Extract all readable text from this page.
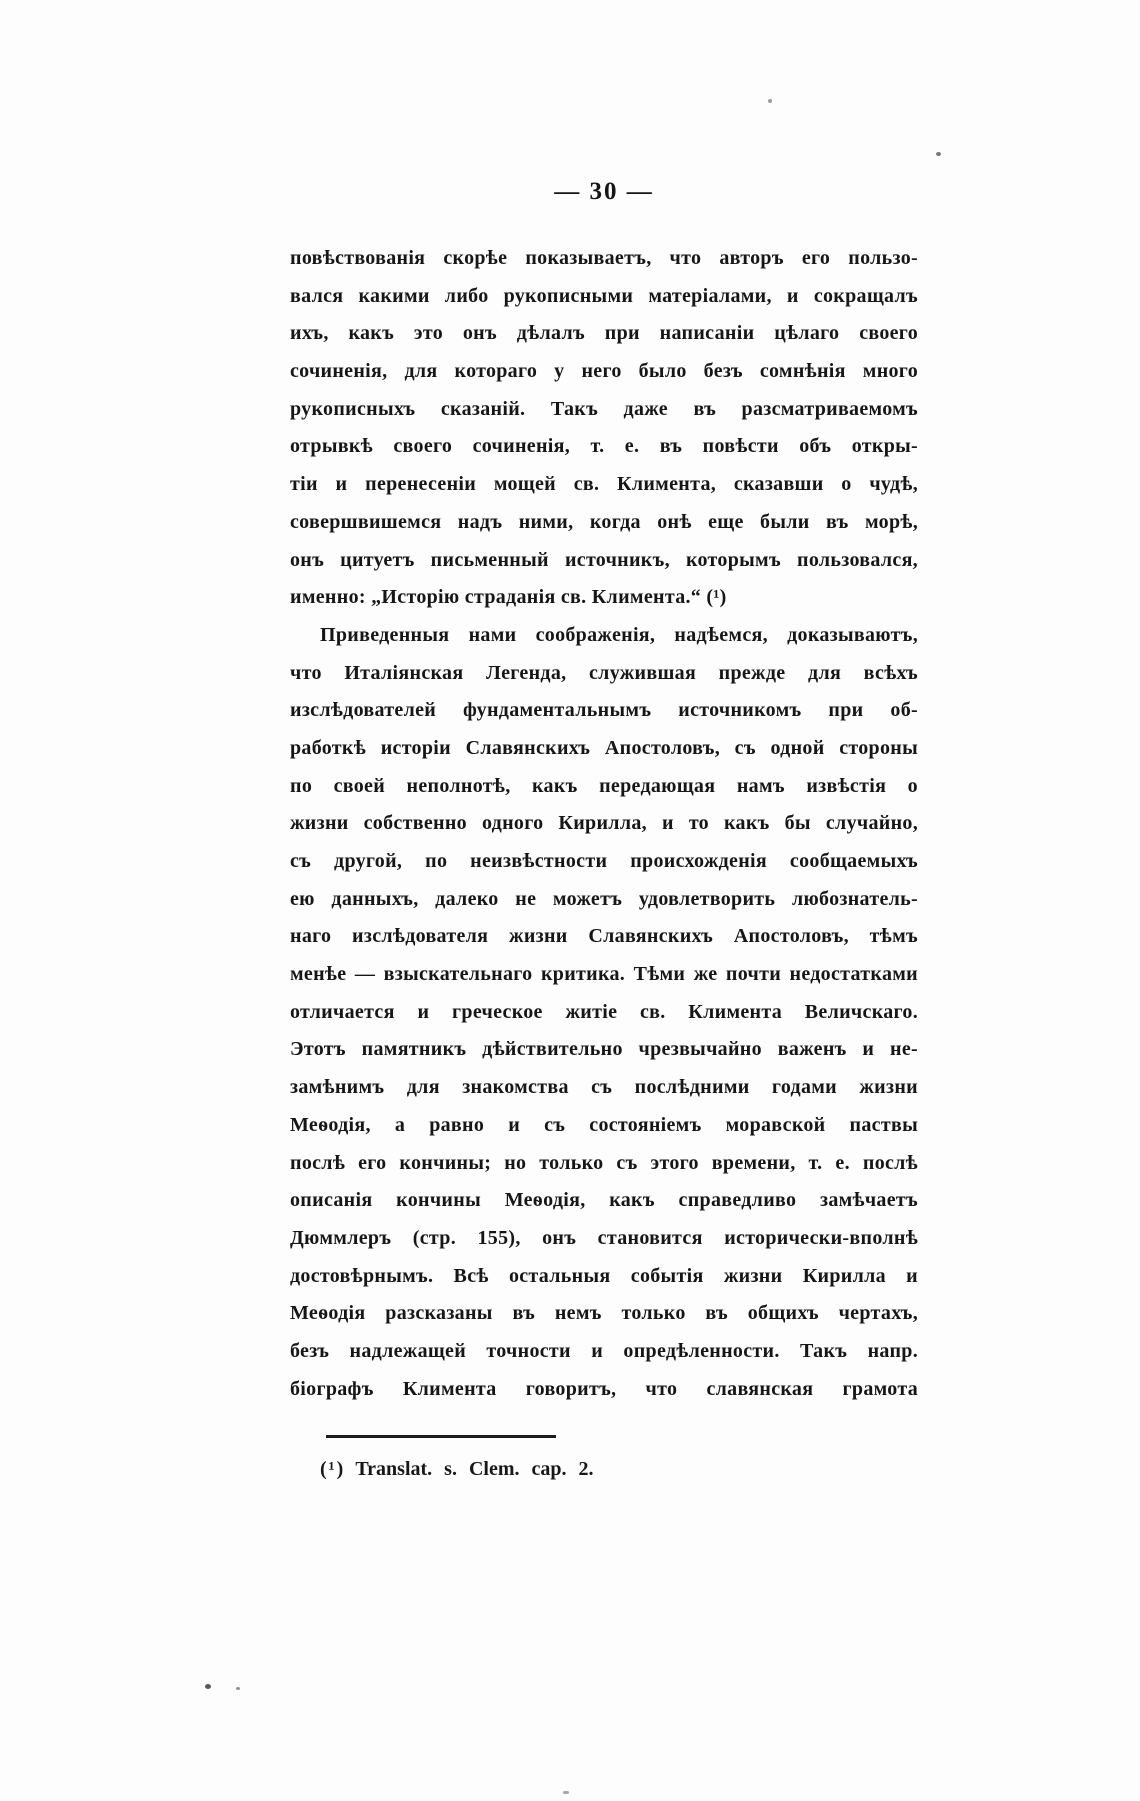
— 30 —
повѣствованія скорѣе показываетъ, что авторъ его пользо-
вался какими либо рукописными матеріалами, и сокращалъ
ихъ, какъ это онъ дѣлалъ при написаніи цѣлаго своего
сочиненія, для котораго у него было безъ сомнѣнія много
рукописныхъ сказаній. Такъ даже въ разсматриваемомъ
отрывкѣ своего сочиненія, т. е. въ повѣсти объ откры-
тіи и перенесеніи мощей св. Климента, сказавши о чудѣ,
совершвишемся надъ ними, когда онѣ еще были въ морѣ,
онъ цитуетъ письменный источникъ, которымъ пользовался,
именно: „Исторію страданія св. Климента.“ (¹)
Приведенныя нами соображенія, надѣемся, доказываютъ,
что Италіянская Легенда, служившая прежде для всѣхъ
изслѣдователей фундаментальнымъ источникомъ при об-
работкѣ исторіи Славянскихъ Апостоловъ, съ одной стороны
по своей неполнотѣ, какъ передающая намъ извѣстія о
жизни собственно одного Кирилла, и то какъ бы случайно,
съ другой, по неизвѣстности происхожденія сообщаемыхъ
ею данныхъ, далеко не можетъ удовлетворить любознатель-
наго изслѣдователя жизни Славянскихъ Апостоловъ, тѣмъ
менѣе — взыскательнаго критика. Тѣми же почти недостатками
отличается и греческое житіе св. Климента Величскаго.
Этотъ памятникъ дѣйствительно чрезвычайно важенъ и не-
замѣнимъ для знакомства съ послѣдними годами жизни
Меѳодія, а равно и съ состояніемъ моравской паствы
послѣ его кончины; но только съ этого времени, т. е. послѣ
описанія кончины Меѳодія, какъ справедливо замѣчаетъ
Дюммлеръ (стр. 155), онъ становится исторически-вполнѣ
достовѣрнымъ. Всѣ остальныя событія жизни Кирилла и
Меѳодія разсказаны въ немъ только въ общихъ чертахъ,
безъ надлежащей точности и опредѣленности. Такъ напр.
біографъ Климента говоритъ, что славянская грамота
(¹) Translat. s. Clem. cap. 2.
